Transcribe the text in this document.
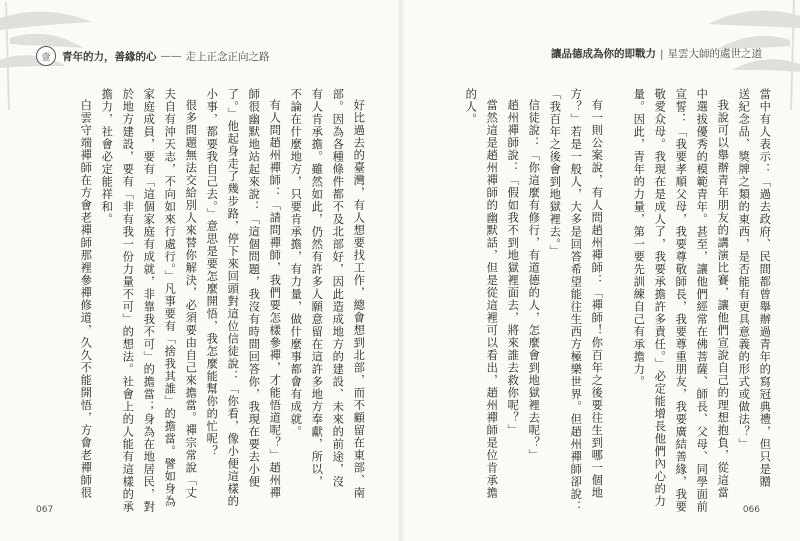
壹	青年的力，善緣的心 —— 走上正念正向之路	讓品德成為你的即戰力 | 星雲大師的處世之道
當中有人表示：「過去政府、民間都曾舉辦過青年的寫冠典禮，但只是贈
送紀念品、獎牌之類的東西，是否能有更具意義的形式或做法？」
我說可以舉辦青年朋友的講演比賽，讓他們宣說自己的理想抱負，從這當
中選拔優秀的模範青年。甚至，讓他們經常在佛菩薩、師長、父母、同學面前
宣誓：「我要孝順父母，我要尊敬師長，我要尊重朋友，我要廣結善緣，我要
敬愛众母。我現在是成人了，我要承擔許多責任。」必定能增長他們內心的力
量。因此，青年的力量，第一要先訓練自己有承擔力。
有一則公案說，有人問趙州禪師：「禪師！你百年之後要往生到哪一個地
方？」若是一般人，大多是回答希望能往生西方極樂世界。但趙州禪師卻說：
「我百年之後會到地獄裡去。」
信徒說：「你這麼有修行，有道德的人，怎麼會到地獄裡去呢？」
趙州禪師說：「假如我不到地獄裡面去，將來誰去救你呢？」
當然這是趙州禪師的幽默話，但是從這裡可以看出，趙州禪師是位肯承擔
的人。
好比過去的臺灣，有人想要找工作，總會想到北部，而不顧留在東部、南
部。因為各種條件都不及北部好，因此造成地方的建設、未來的前途，沒
有人肯承擔。雖然如此，仍然有許多人願意留在這許多地方奉獻，所以，
不論在什麼地方，只要肯承擔，有力量，做什麼事都會有成就。
有人問趙州禪師：「請問禪師，我們要怎樣參禪，才能悟道呢？」趙州禪
師很幽默地站起來說：「這個問題，我沒有時間回答你，我現在要去小便
了。」他起身走了幾步路，停下來回頭對這位信徒說：「你看，像小便這樣的
小事，都要我自己去。」意思是要怎麼開悟，我怎麼能幫你的忙呢？
很多問題無法交給別人來替你解決，必須要由自己來擔當。禪宗常說「丈
夫自有沖天志，不向如來行處行。」凡事要有「捨我其誰」的擔當。譬如身為
家庭成員，要有「這個家庭有成就，非靠我不可」的擔當；身為在地居民，對
於地方建設，要有「非有我一份力量不可」的想法。社會上的人能有這樣的承
擔力，社會必定能祥和。
白雲守端禪師在方會老禪師那裡參禪修道，久久不能開悟，方會老禪師很
067	066
